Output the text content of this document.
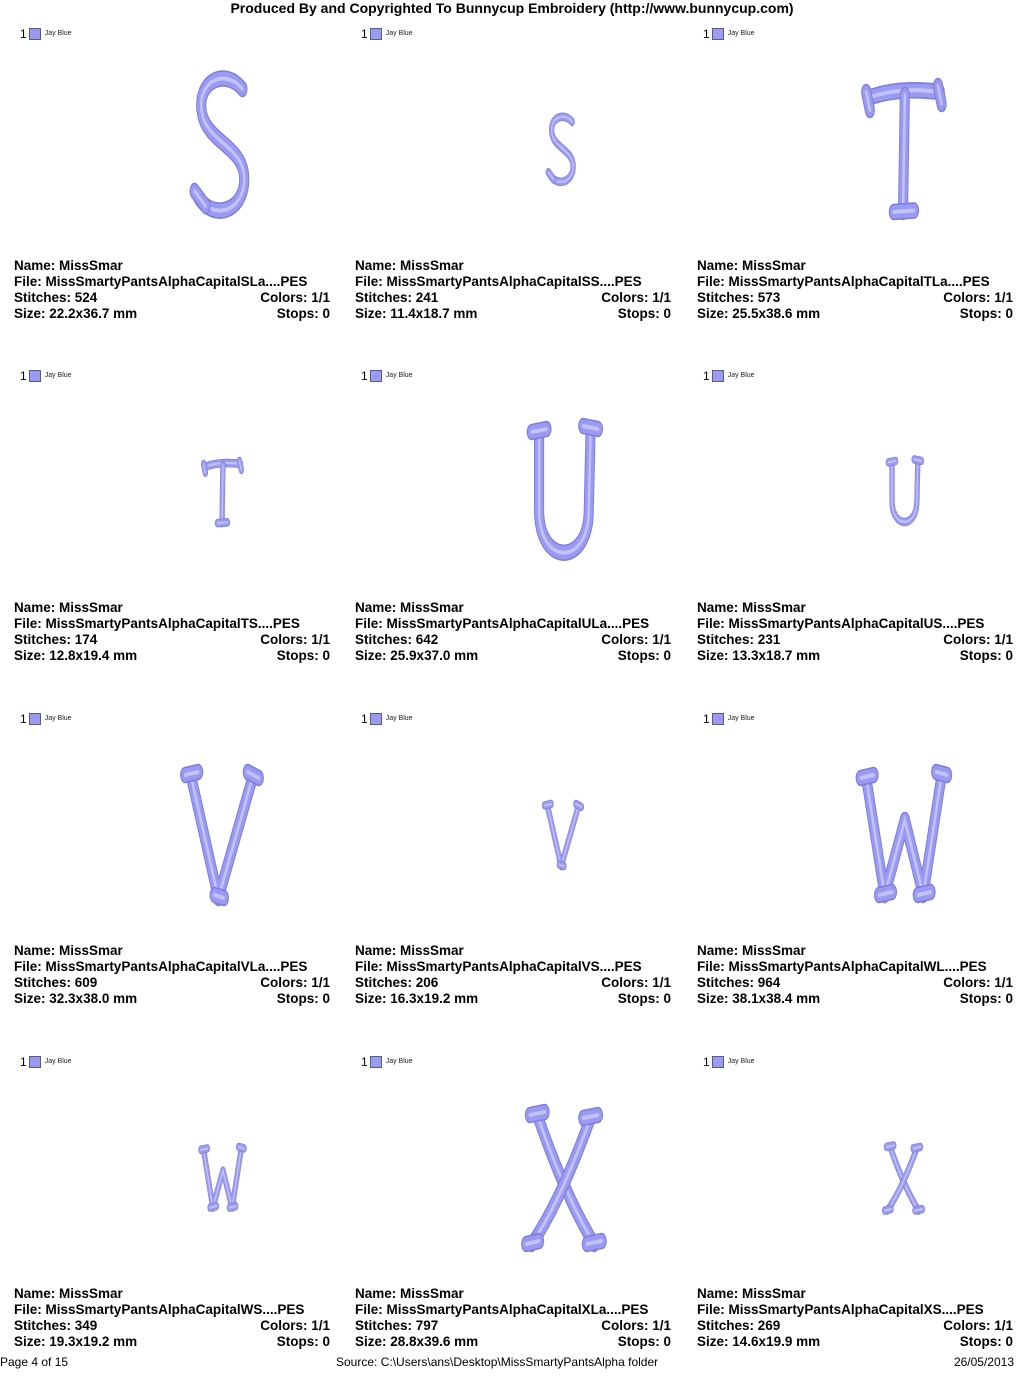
Produced By and Copyrighted To Bunnycup Embroidery (http://www.bunnycup.com)
1	Jay Blue
Name: MissSmar
File: MissSmartyPantsAlphaCapitalSLa....PES
Stitches: 524	Colors: 1/1
Size: 22.2x36.7 mm	Stops: 0
1	Jay Blue
Name: MissSmar
File: MissSmartyPantsAlphaCapitalSS....PES
Stitches: 241	Colors: 1/1
Size: 11.4x18.7 mm	Stops: 0
1	Jay Blue
Name: MissSmar
File: MissSmartyPantsAlphaCapitalTLa....PES
Stitches: 573	Colors: 1/1
Size: 25.5x38.6 mm	Stops: 0
1	Jay Blue
Name: MissSmar
File: MissSmartyPantsAlphaCapitalTS....PES
Stitches: 174	Colors: 1/1
Size: 12.8x19.4 mm	Stops: 0
1	Jay Blue
Name: MissSmar
File: MissSmartyPantsAlphaCapitalULa....PES
Stitches: 642	Colors: 1/1
Size: 25.9x37.0 mm	Stops: 0
1	Jay Blue
Name: MissSmar
File: MissSmartyPantsAlphaCapitalUS....PES
Stitches: 231	Colors: 1/1
Size: 13.3x18.7 mm	Stops: 0
1	Jay Blue
Name: MissSmar
File: MissSmartyPantsAlphaCapitalVLa....PES
Stitches: 609	Colors: 1/1
Size: 32.3x38.0 mm	Stops: 0
1	Jay Blue
Name: MissSmar
File: MissSmartyPantsAlphaCapitalVS....PES
Stitches: 206	Colors: 1/1
Size: 16.3x19.2 mm	Stops: 0
1	Jay Blue
Name: MissSmar
File: MissSmartyPantsAlphaCapitalWL....PES
Stitches: 964	Colors: 1/1
Size: 38.1x38.4 mm	Stops: 0
1	Jay Blue
Name: MissSmar
File: MissSmartyPantsAlphaCapitalWS....PES
Stitches: 349	Colors: 1/1
Size: 19.3x19.2 mm	Stops: 0
1	Jay Blue
Name: MissSmar
File: MissSmartyPantsAlphaCapitalXLa....PES
Stitches: 797	Colors: 1/1
Size: 28.8x39.6 mm	Stops: 0
1	Jay Blue
Name: MissSmar
File: MissSmartyPantsAlphaCapitalXS....PES
Stitches: 269	Colors: 1/1
Size: 14.6x19.9 mm	Stops: 0
Page 4 of 15	Source: C:\Users\ans\Desktop\MissSmartyPantsAlpha folder	26/05/2013
